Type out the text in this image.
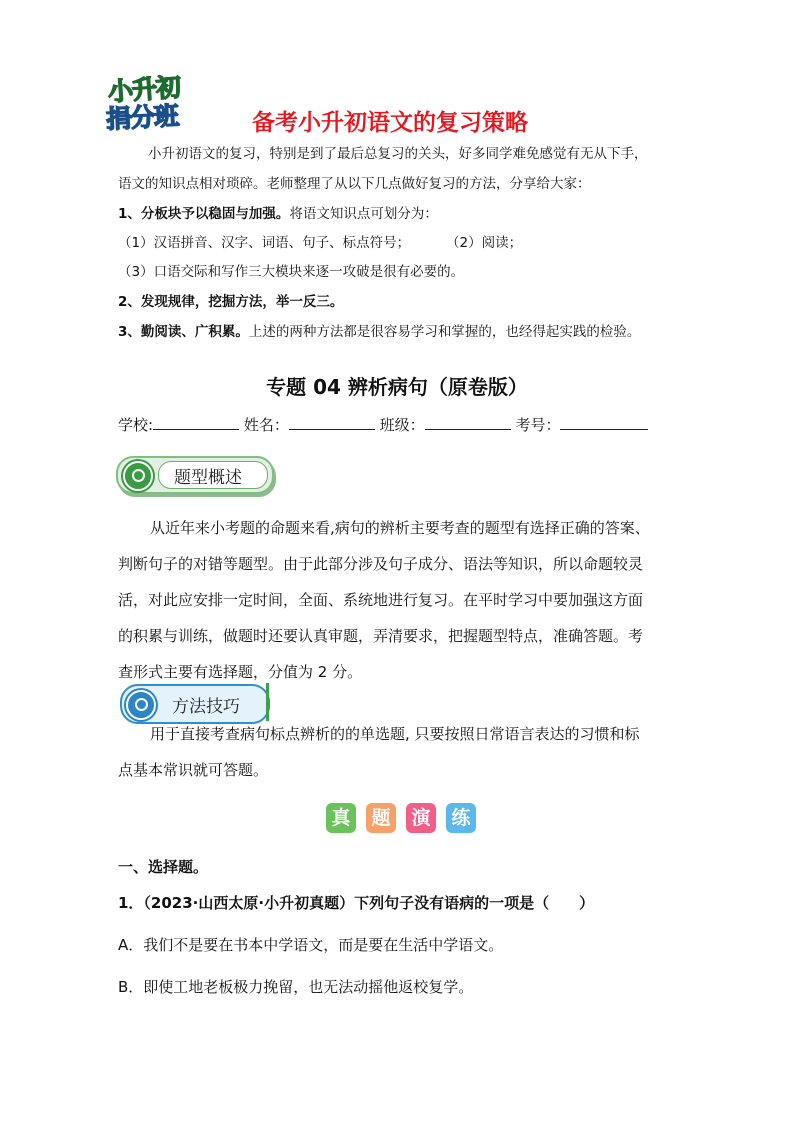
小升初
捐分班	备考小升初语文的复习策略
小升初语文的复习，特别是到了最后总复习的关头，好多同学难免感觉有无从下手，
语文的知识点相对琐碎。老师整理了从以下几点做好复习的方法，分享给大家：
1、分板块予以稳固与加强。将语文知识点可划分为：
（1）汉语拼音、汉字、词语、句子、标点符号；	（2）阅读；
（3）口语交际和写作三大模块来逐一攻破是很有必要的。
2、发现规律，挖掘方法，举一反三。
3、勤阅读、广积累。上述的两种方法都是很容易学习和掌握的，也经得起实践的检验。
专题 04 辨析病句（原卷版）
学校:	姓名：	班级：	考号：
题型概述
从近年来小考题的命题来看,病句的辨析主要考查的题型有选择正确的答案、
判断句子的对错等题型。由于此部分涉及句子成分、语法等知识，所以命题较灵
活，对此应安排一定时间，全面、系统地进行复习。在平时学习中要加强这方面
的积累与训练，做题时还要认真审题，弄清要求，把握题型特点，准确答题。考
查形式主要有选择题，分值为 2 分。
方法技巧
用于直接考查病句标点辨析的的单选题, 只要按照日常语言表达的习惯和标
点基本常识就可答题。
真 题 演 练
一、选择题。
1．（2023·山西太原·小升初真题）下列句子没有语病的一项是（　　）
A．我们不是要在书本中学语文，而是要在生活中学语文。
B．即使工地老板极力挽留，也无法动摇他返校复学。
